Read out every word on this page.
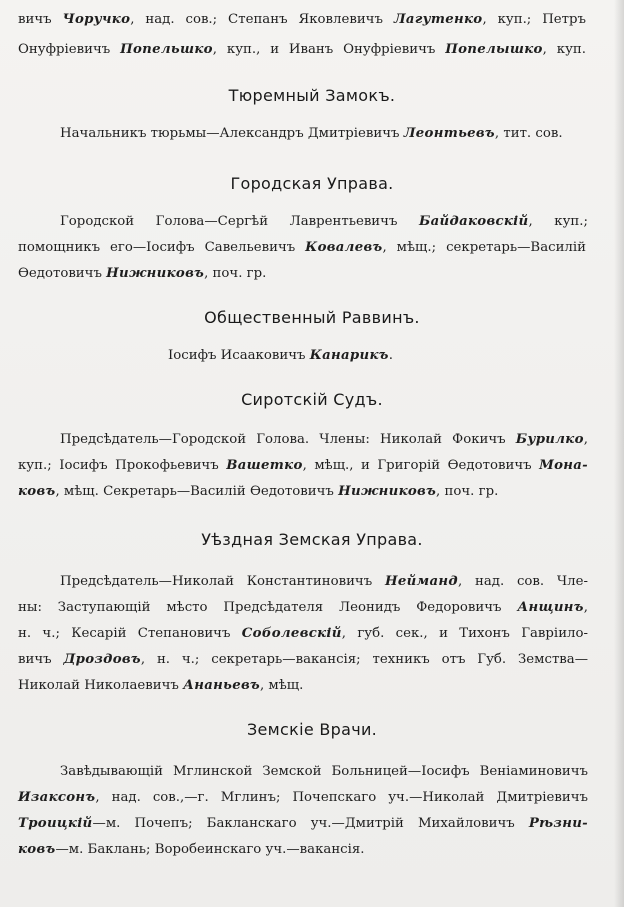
вичъ Чоручко, над. сов.; Степанъ Яковлевичъ Лагутенко, куп.; Петръ
Онуфріевичъ Попельшко, куп., и Иванъ Онуфріевичъ Попелышко, куп.
Тюремный Замокъ.
Начальникъ тюрьмы—Александръ Дмитріевичъ Леонтьевъ, тит. сов.
Городская Управа.
Городской Голова—Сергѣй Лаврентьевичъ Байдаковскій, куп.;
помощникъ его—Іосифъ Савельевичъ Ковалевъ, мѣщ.; секретарь—Василій
Ѳедотовичъ Нижниковъ, поч. гр.
Общественный Раввинъ.
Іосифъ Исааковичъ Канарикъ.
Сиротскій Судъ.
Предсѣдатель—Городской Голова. Члены: Николай Фокичъ Бурилко,
куп.; Іосифъ Прокофьевичъ Вашетко, мѣщ., и Григорій Ѳедотовичъ Мона-
ковъ, мѣщ. Секретарь—Василій Ѳедотовичъ Нижниковъ, поч. гр.
Уѣздная Земская Управа.
Предсѣдатель—Николай Константиновичъ Нейманд, над. сов. Чле-
ны: Заступающій мѣсто Предсѣдателя Леонидъ Федоровичъ Анщинъ,
н. ч.; Кесарій Степановичъ Соболевскій, губ. сек., и Тихонъ Гавріило-
вичъ Дроздовъ, н. ч.; секретарь—вакансія; техникъ отъ Губ. Земства—
Николай Николаевичъ Ананьевъ, мѣщ.
Земскіе Врачи.
Завѣдывающій Мглинской Земской Больницей—Іосифъ Веніаминовичъ
Изаксонъ, над. сов.,—г. Мглинъ; Почепскаго уч.—Николай Дмитріевичъ
Троицкій—м. Почепъ; Бакланскаго уч.—Дмитрій Михайловичъ Рѣзни-
ковъ—м. Баклань; Воробеинскаго уч.—вакансія.
